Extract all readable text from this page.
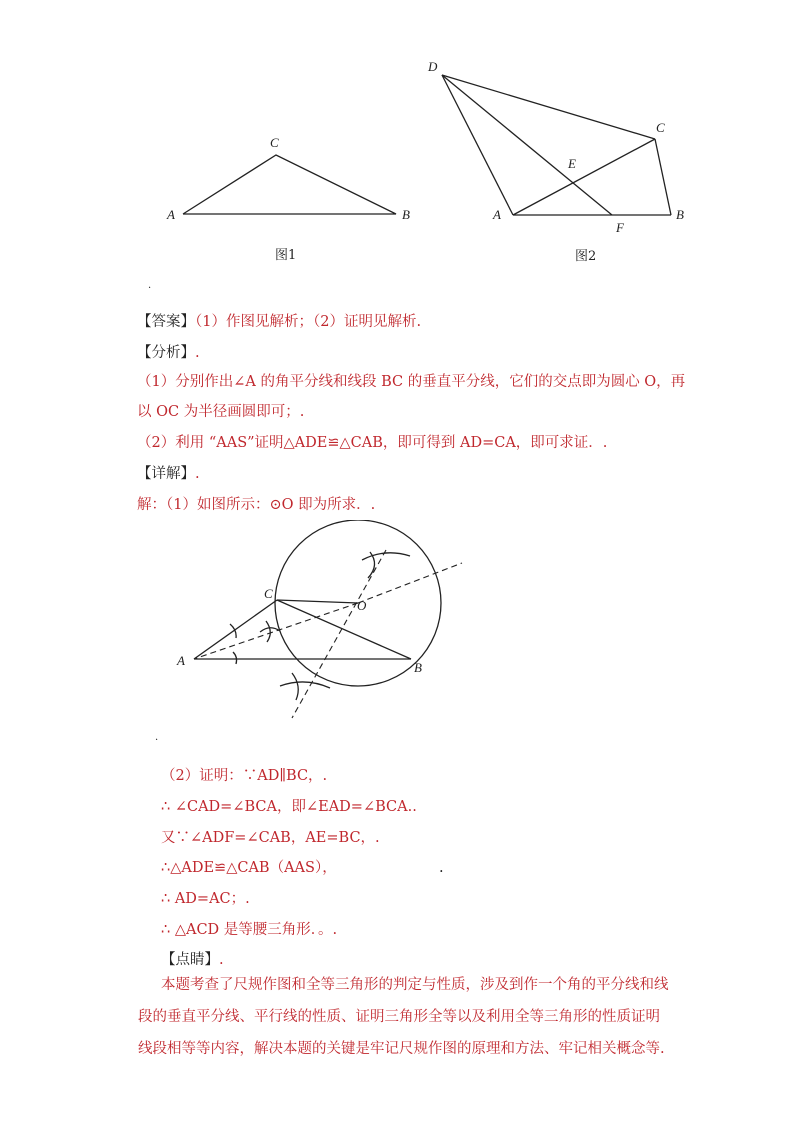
A
C
B
图1
D
C
E
A
F
B
图2
.
【答案】（1）作图见解析；（2）证明见解析.
【分析】.
（1）分别作出∠A 的角平分线和线段 BC 的垂直平分线，它们的交点即为圆心 O，再
以 OC 为半径画圆即可；.
（2）利用 “AAS”证明△ADE≌△CAB，即可得到 AD=CA，即可求证．.
【详解】.
解：（1）如图所示：⊙O 即为所求．.
C
O
A	B
.
（2）证明：∵AD∥BC，.
∴ ∠CAD=∠BCA，即∠EAD=∠BCA..
又∵∠ADF=∠CAB，AE=BC，.
∴△ADE≌△CAB（AAS），	.
∴ AD=AC；.
∴ △ACD 是等腰三角形．。.
【点睛】.
本题考查了尺规作图和全等三角形的判定与性质，涉及到作一个角的平分线和线
段的垂直平分线、平行线的性质、证明三角形全等以及利用全等三角形的性质证明
线段相等等内容，解决本题的关键是牢记尺规作图的原理和方法、牢记相关概念等.
